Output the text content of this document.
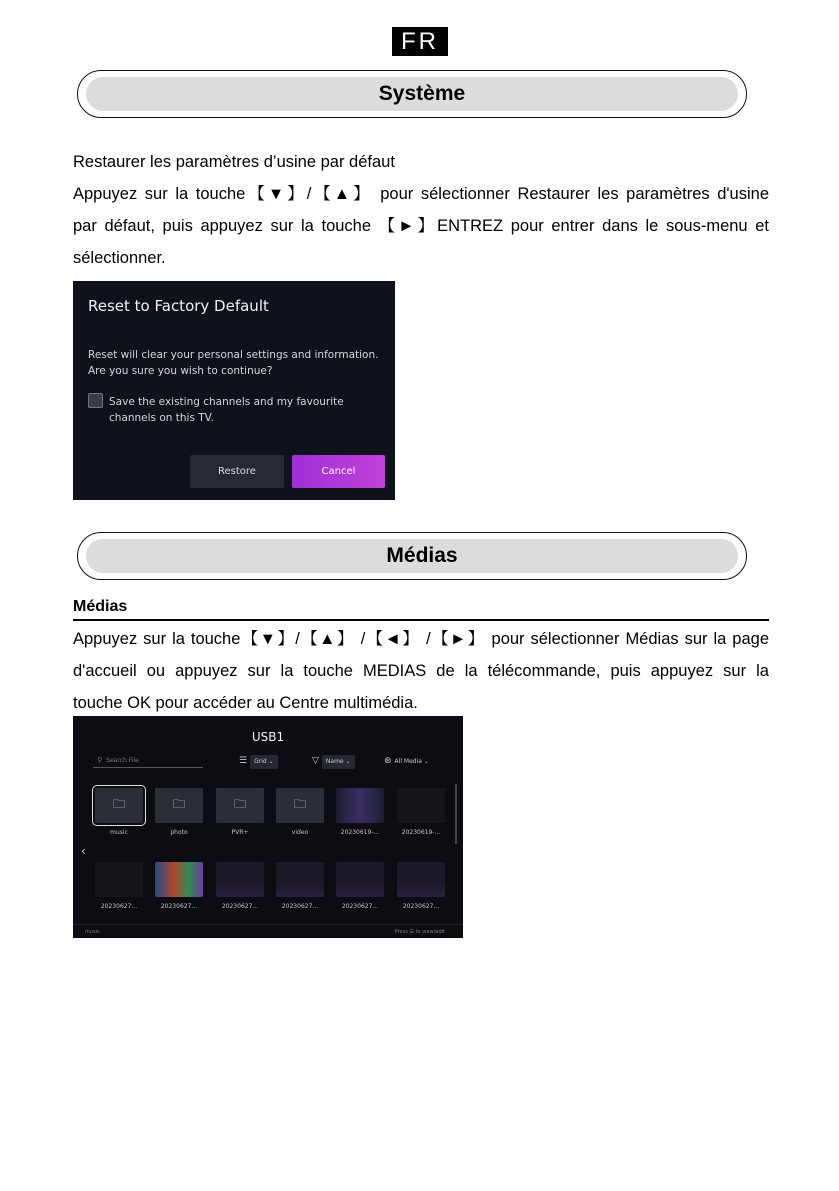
FR
Système
Restaurer les paramètres d’usine par défaut
Appuyez sur la touche【▼】/【▲】 pour sélectionner Restaurer les paramètres d'usine
par défaut, puis appuyez sur la touche 【►】ENTREZ pour entrer dans le sous-menu et
sélectionner.
Reset to Factory Default
Reset will clear your personal settings and information. Are you sure you wish to continue?
Save the existing channels and my favourite channels on this TV.
Restore	Cancel
Médias
Médias
Appuyez sur la touche【▼】/【▲】 /【◄】 /【►】 pour sélectionner Médias sur la page
d'accueil ou appuyez sur la touche MEDIAS de la télécommande, puis appuyez sur la
touche OK pour accéder au Centre multimédia.
USB1
⚲ Search File	☰ Grid ⌄	▽ Name ⌄	⊛ All Media ⌄
‹
🗀
music
🗀
photo
🗀
PVR+
🗀
video	20230619-...	20230619-...
20230627...	20230627...	20230627...	20230627...	20230627...	20230627...
music	Press ☰ to view/edit
